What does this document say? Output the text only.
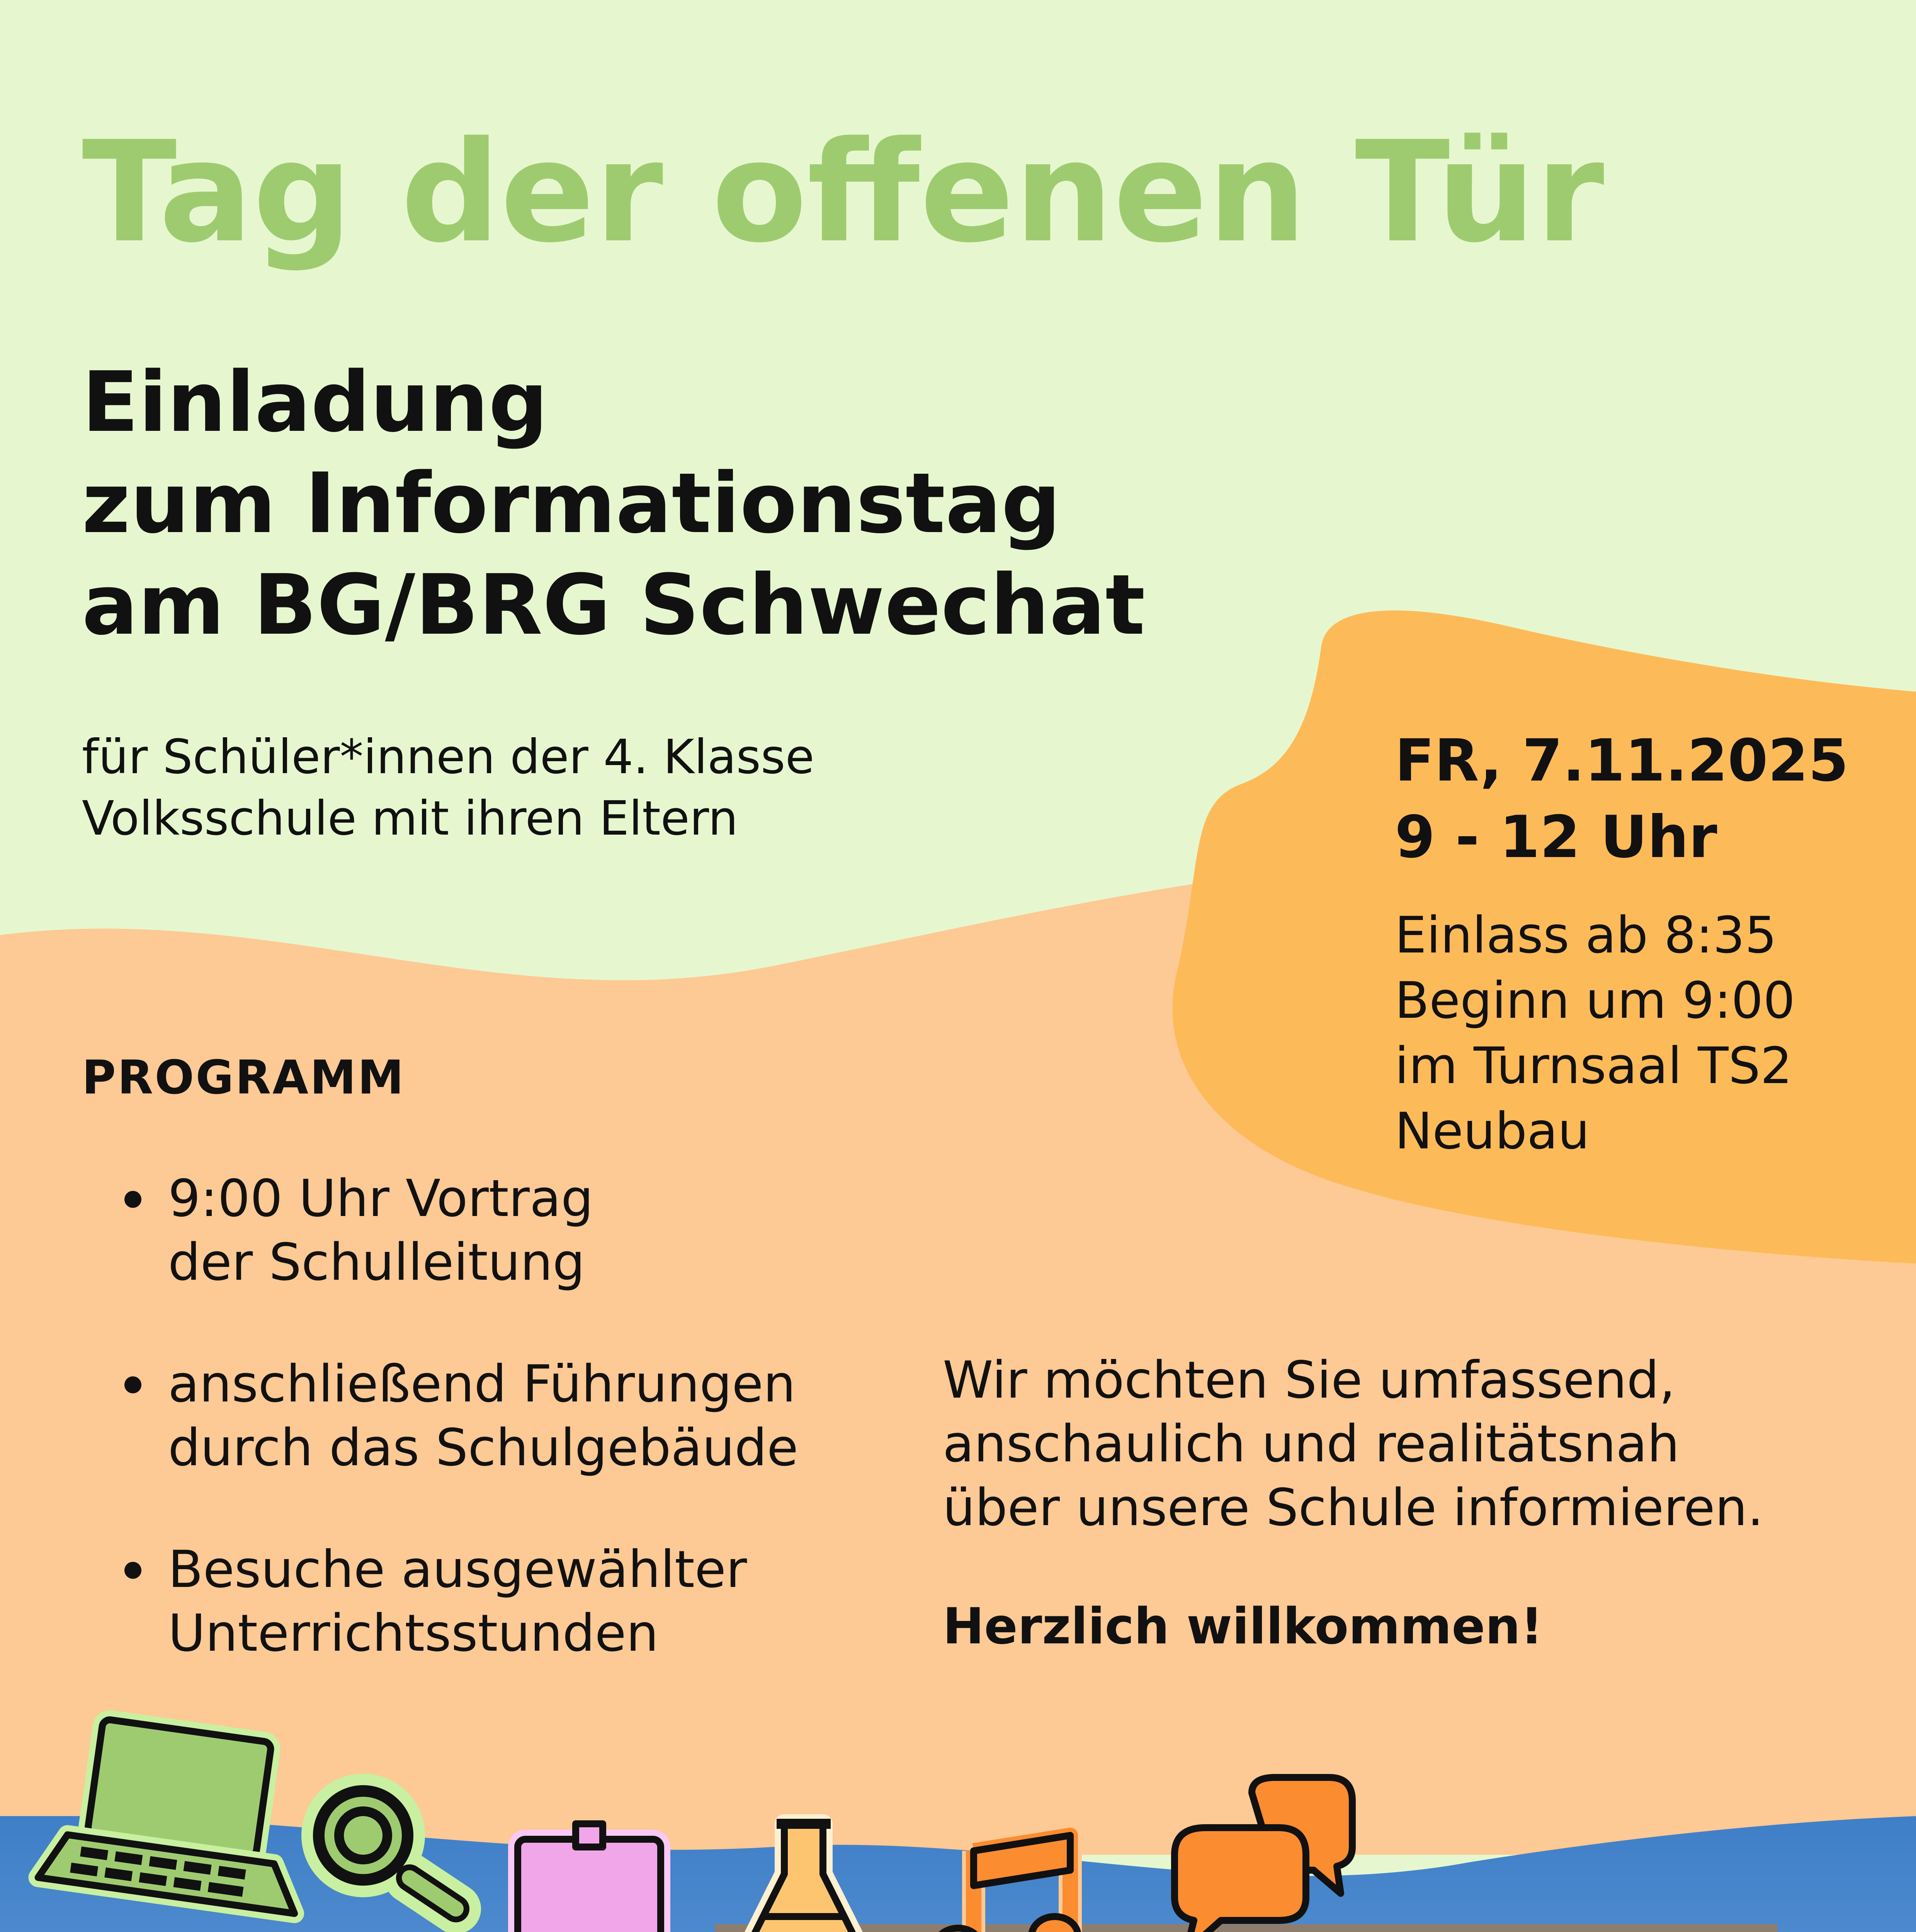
Tag der offenen Tür
Einladung
zum Informationstag
am BG/BRG Schwechat
für Schüler*innen der 4. Klasse
Volksschule mit ihren Eltern
FR, 7.11.2025
9 - 12 Uhr
Einlass ab 8:35
Beginn um 9:00
im Turnsaal TS2
Neubau
PROGRAMM
9:00 Uhr Vortrag
der Schulleitung
anschließend Führungen
durch das Schulgebäude
Besuche ausgewählter
Unterrichtsstunden
Wir möchten Sie umfassend,
anschaulich und realitätsnah
über unsere Schule informieren.
Herzlich willkommen!
